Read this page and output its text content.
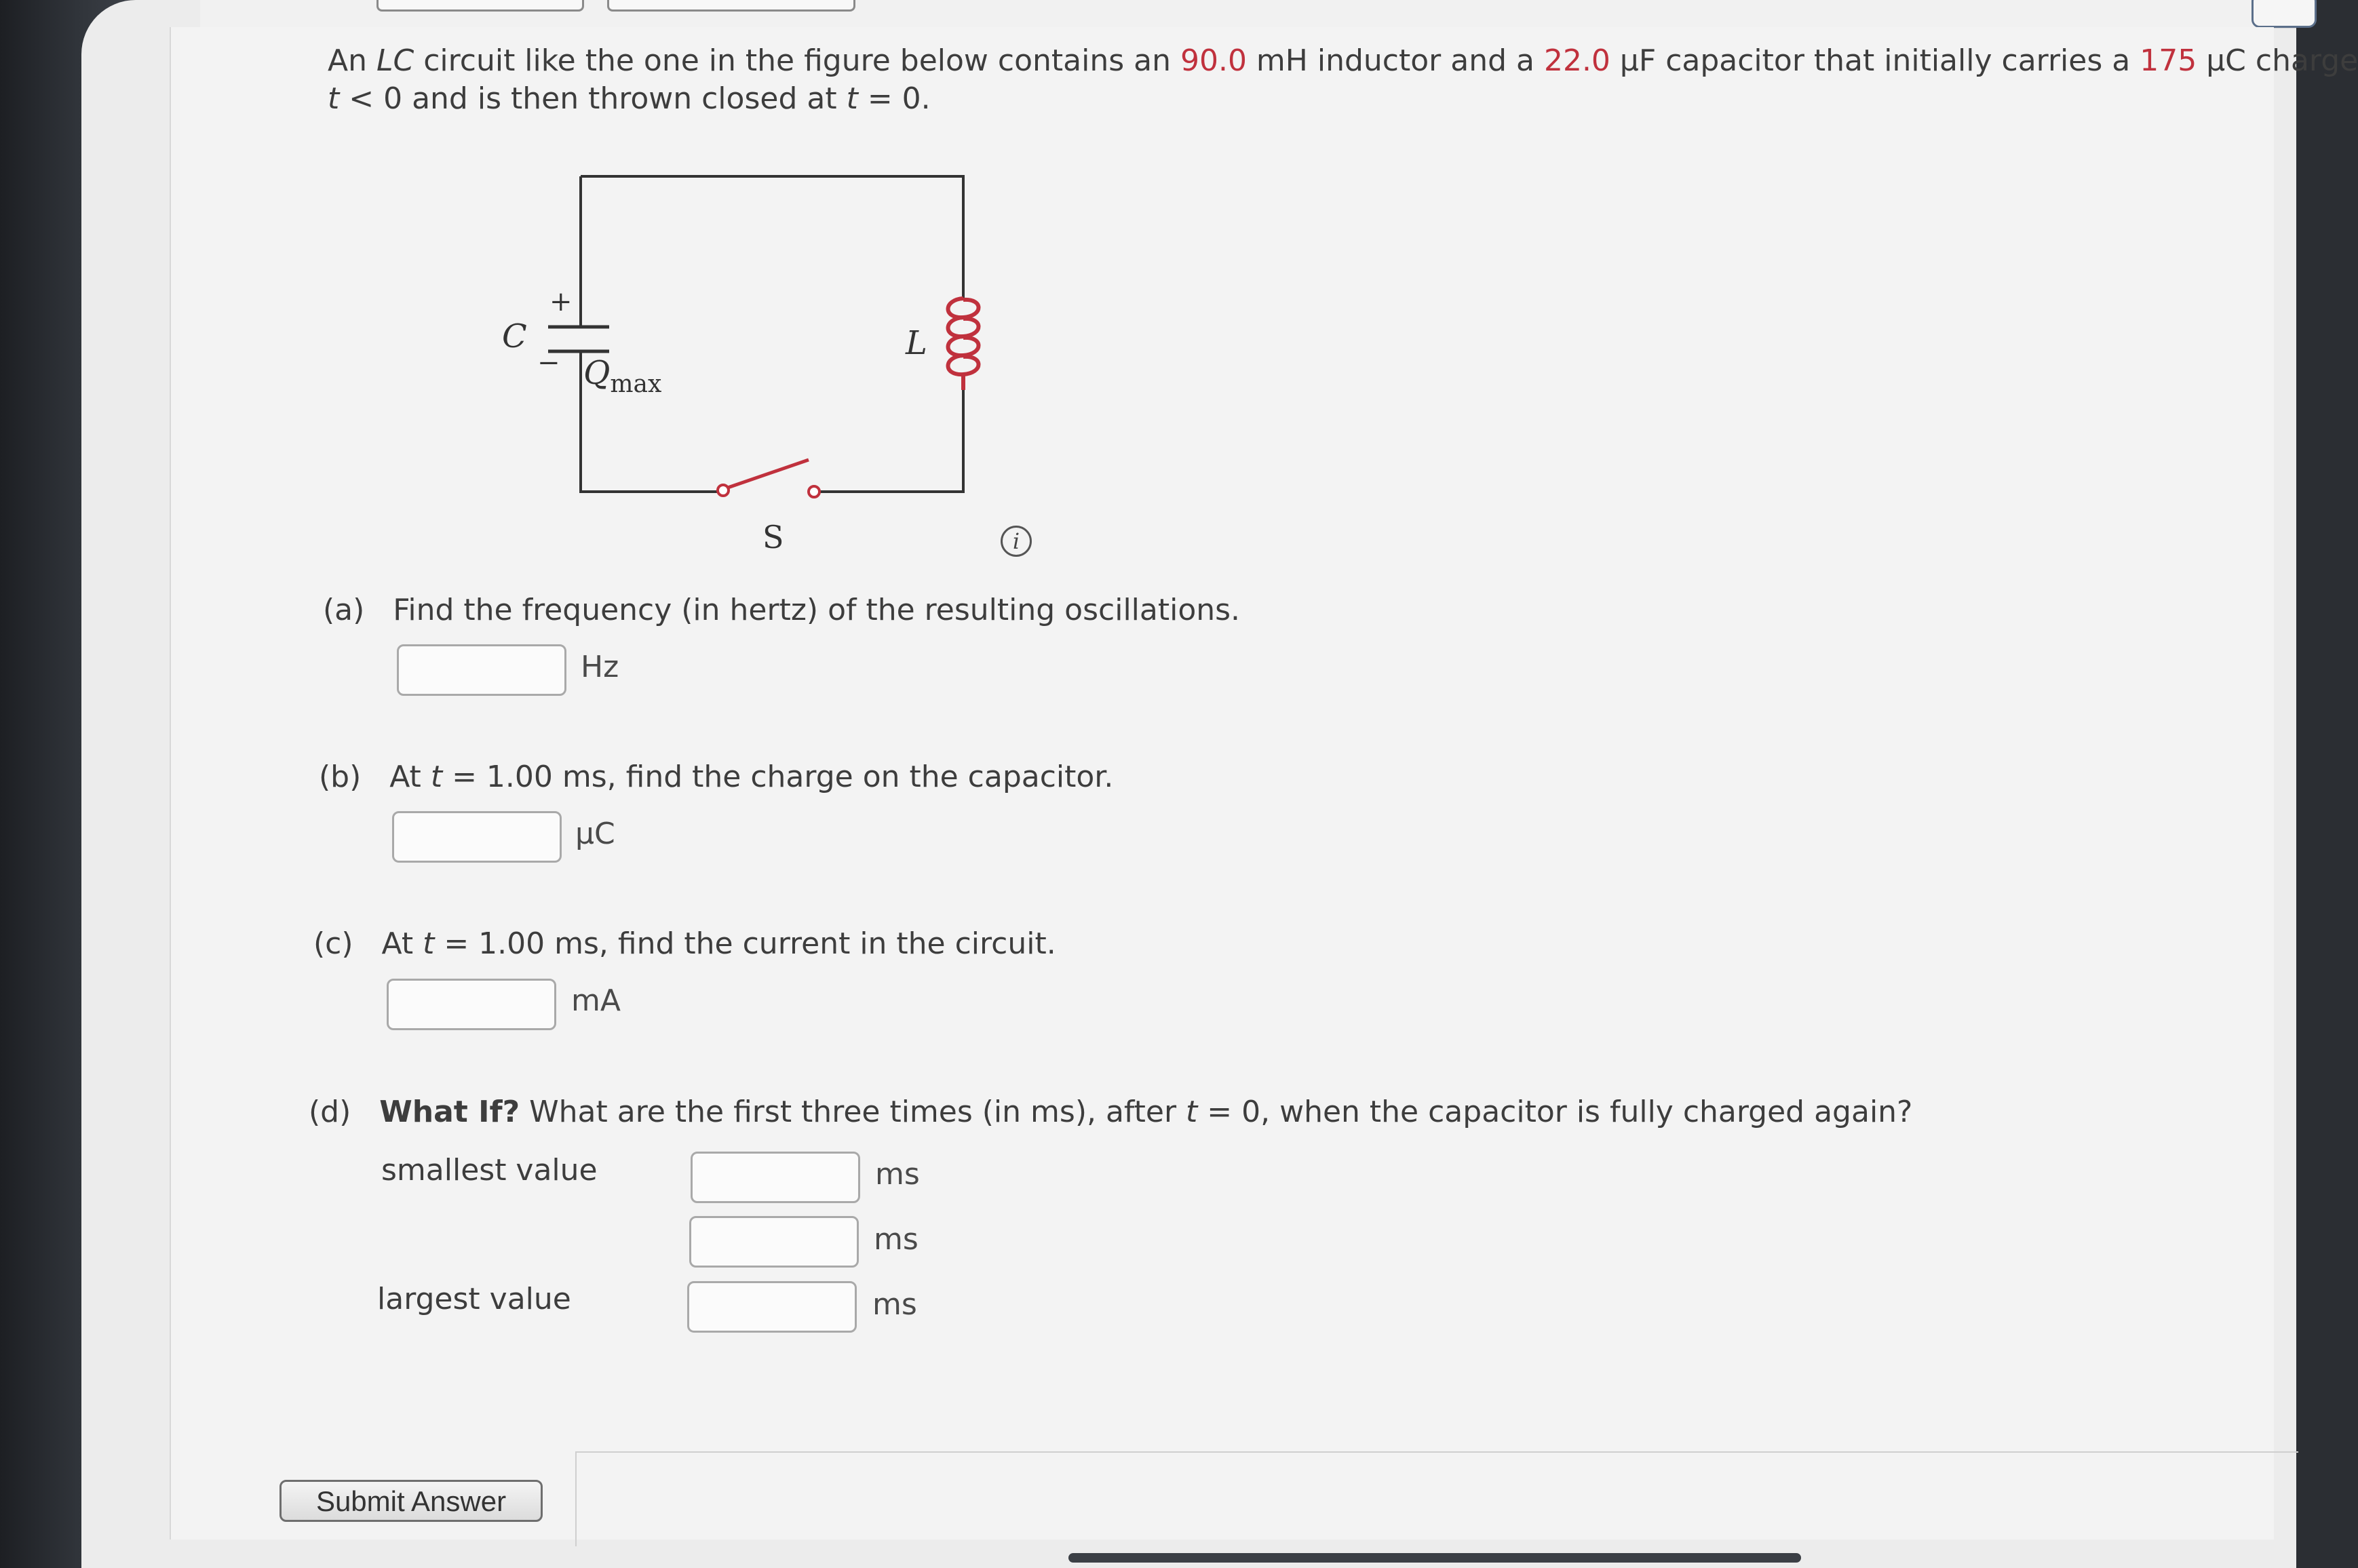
An LC circuit like the one in the figure below contains an 90.0 mH inductor and a 22.0 μF capacitor that initially carries a 175 μC charge
t < 0 and is then thrown closed at t = 0.
+
−
C
$Q_{max}$
L
S	i
(a) Find the frequency (in hertz) of the resulting oscillations.
Hz
(b) At t = 1.00 ms, find the charge on the capacitor.
μC
(c) At t = 1.00 ms, find the current in the circuit.
mA
(d) What If? What are the first three times (in ms), after t = 0, when the capacitor is fully charged again?
smallest value	ms
ms
largest value	ms
Submit Answer
